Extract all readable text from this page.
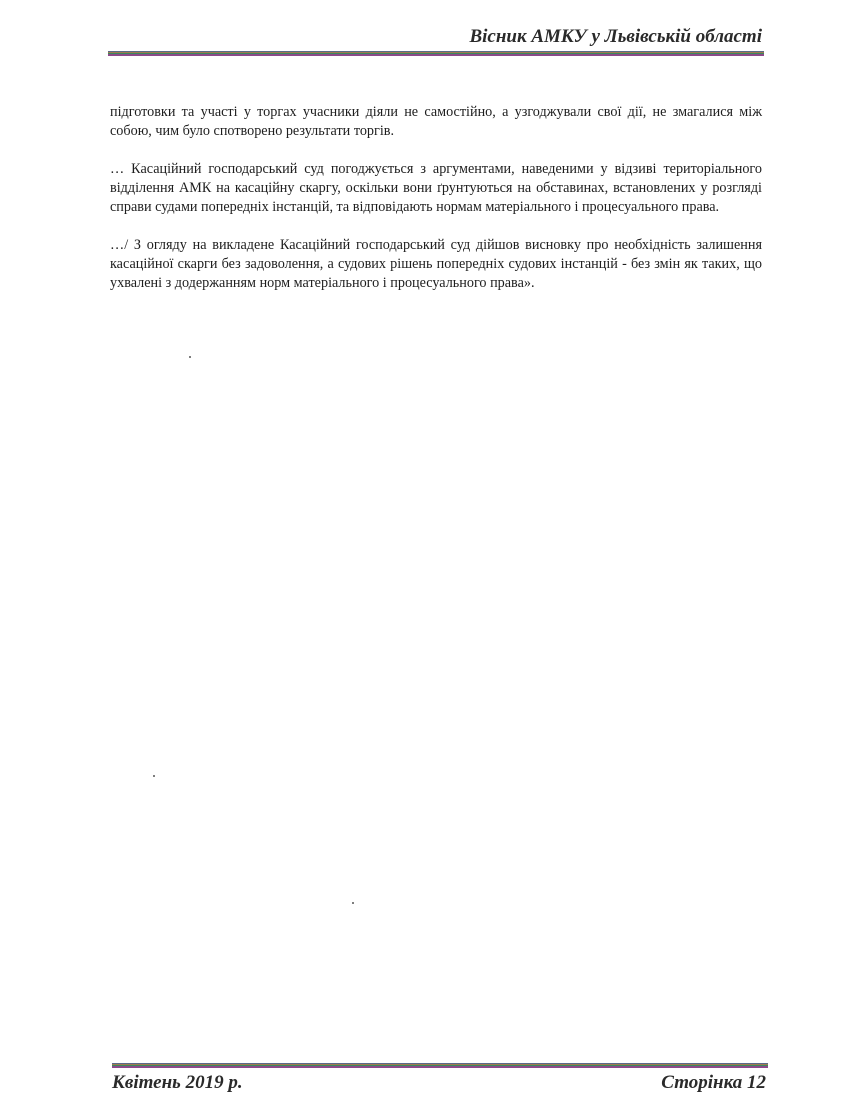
Вісник АМКУ у Львівській області

підготовки та участі у торгах учасники діяли не самостійно, а узгоджували свої дії, не змагалися між собою, чим було спотворено результати торгів.

… Касаційний господарський суд погоджується з аргументами, наведеними у відзиві територіального відділення АМК на касаційну скаргу, оскільки вони ґрунтуються на обставинах, встановлених у розгляді справи судами попередніх інстанцій, та відповідають нормам матеріального і процесуального права.

…/ З огляду на викладене Касаційний господарський суд дійшов висновку про необхідність залишення касаційної скарги без задоволення, а судових рішень попередніх судових інстанцій - без змін як таких, що ухвалені з додержанням норм матеріального і процесуального права».

Квітень 2019 р.	Сторінка 12
